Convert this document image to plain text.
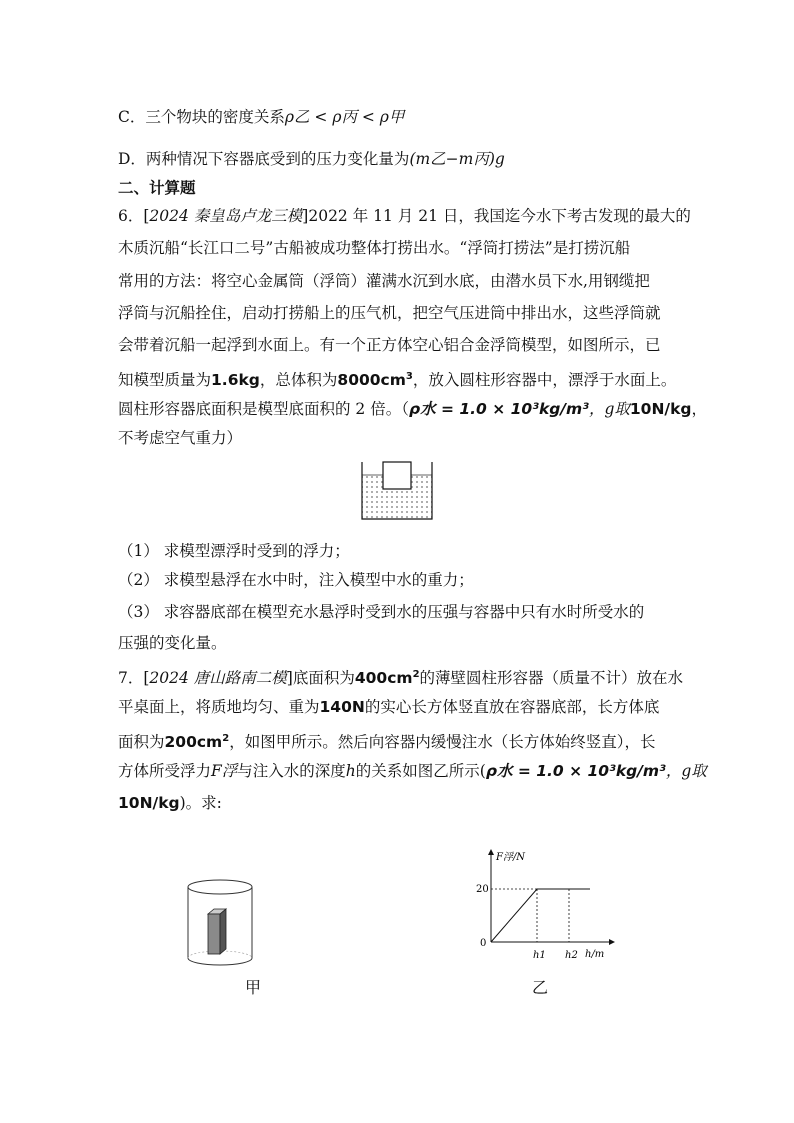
C．三个物块的密度关系ρ乙 < ρ丙 < ρ甲
D．两种情况下容器底受到的压力变化量为(m乙−m丙)g
二、计算题
6．[2024 秦皇岛卢龙三模]2022 年 11 月 21 日，我国迄今水下考古发现的最大的
木质沉船“长江口二号”古船被成功整体打捞出水。“浮筒打捞法”是打捞沉船
常用的方法：将空心金属筒（浮筒）灌满水沉到水底，由潜水员下水,用钢缆把
浮筒与沉船拴住，启动打捞船上的压气机，把空气压进筒中排出水，这些浮筒就
会带着沉船一起浮到水面上。有一个正方体空心铝合金浮筒模型，如图所示，已
知模型质量为1.6kg，总体积为$8000cm^3$，放入圆柱形容器中，漂浮于水面上。
圆柱形容器底面积是模型底面积的 2 倍。（ρ水 = 1.0 × 10³kg/m³，g取10N/kg，
不考虑空气重力）
（1） 求模型漂浮时受到的浮力；
（2） 求模型悬浮在水中时，注入模型中水的重力；
（3） 求容器底部在模型充水悬浮时受到水的压强与容器中只有水时所受水的
压强的变化量。
7．[2024 唐山路南二模]底面积为$400cm^2$的薄壁圆柱形容器（质量不计）放在水
平桌面上，将质地均匀、重为140N的实心长方体竖直放在容器底部，长方体底
面积为$200cm^2$，如图甲所示。然后向容器内缓慢注水（长方体始终竖直），长
方体所受浮力F浮与注入水的深度h的关系如图乙所示(ρ水 = 1.0 × 10³kg/m³，g取
10N/kg)。求:
甲
F浮/N
20
0
h1 h2 h/m
乙
